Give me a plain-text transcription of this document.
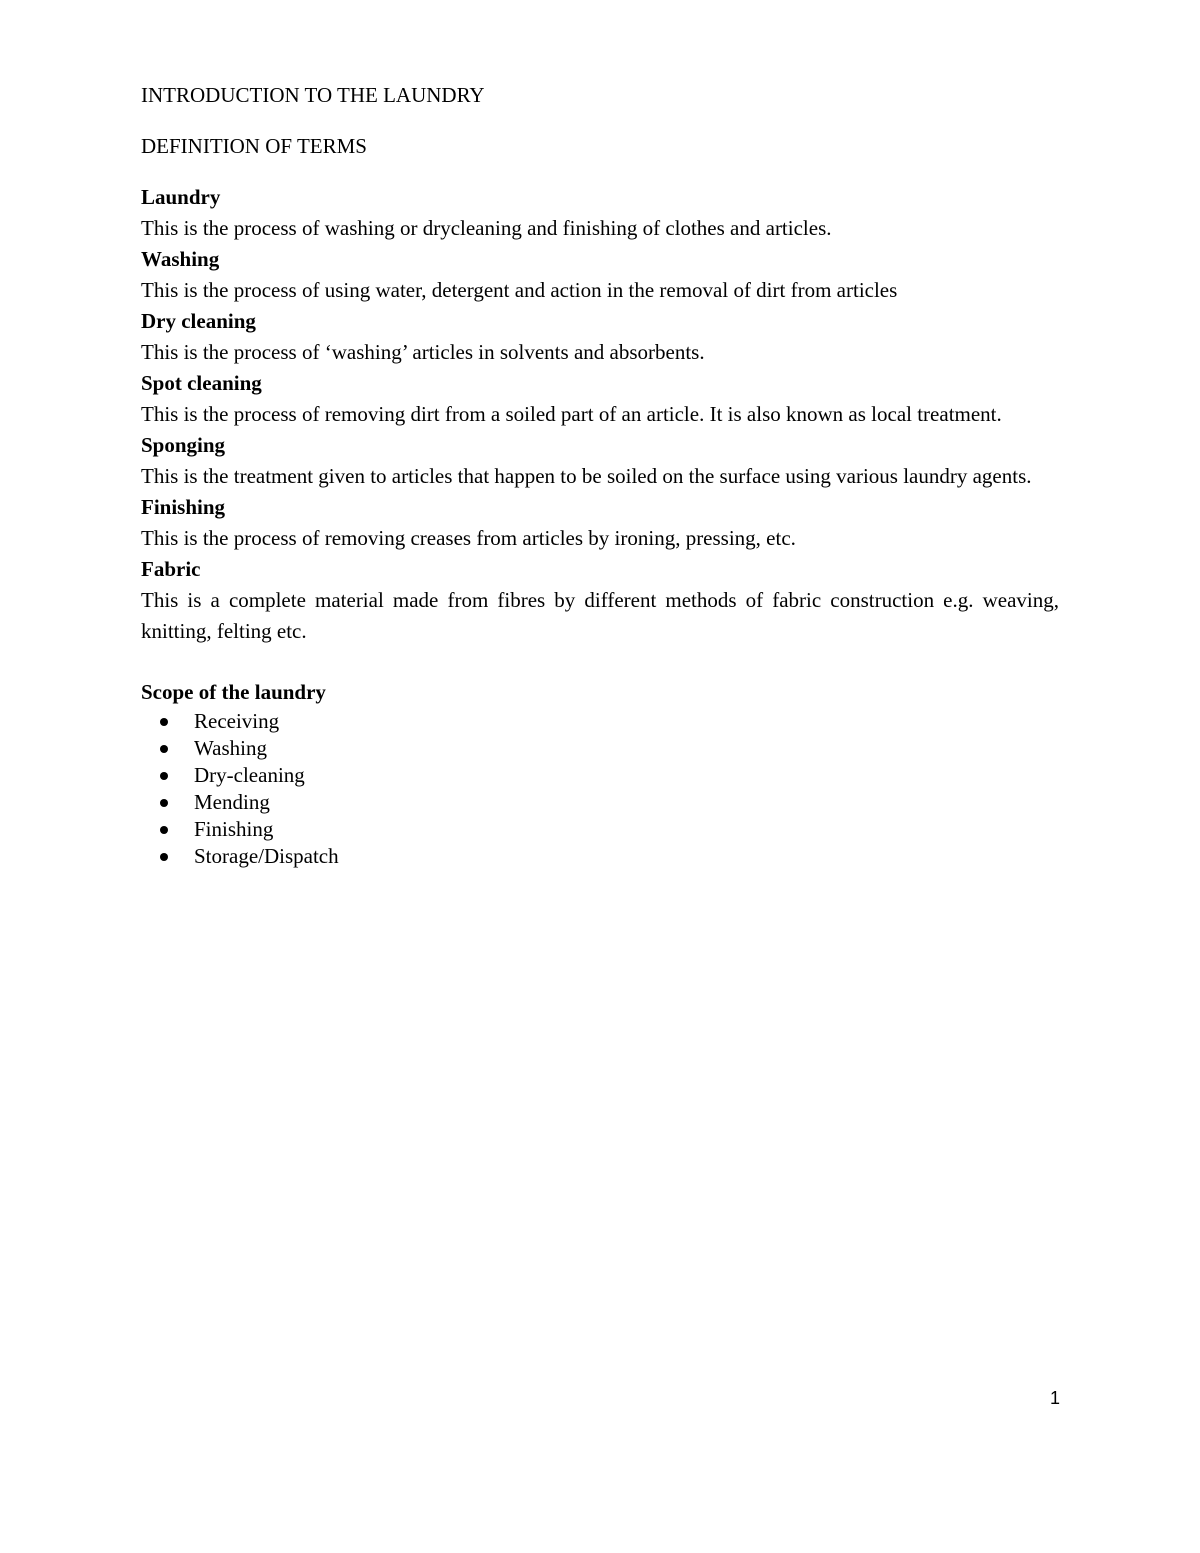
INTRODUCTION TO THE LAUNDRY
DEFINITION OF TERMS
Laundry
This is the process of washing or drycleaning and finishing of clothes and articles.
Washing
This is the process of using water, detergent and action in the removal of dirt from articles
Dry cleaning
This is the process of ‘washing’ articles in solvents and absorbents.
Spot cleaning
This is the process of removing dirt from a soiled part of an article. It is also known as local treatment.
Sponging
This is the treatment given to articles that happen to be soiled on the surface using various laundry agents.
Finishing
This is the process of removing creases from articles by ironing, pressing, etc.
Fabric
This is a complete material made from fibres by different methods of fabric construction e.g. weaving, knitting, felting etc.
Scope of the laundry
Receiving
Washing
Dry-cleaning
Mending
Finishing
Storage/Dispatch
1
